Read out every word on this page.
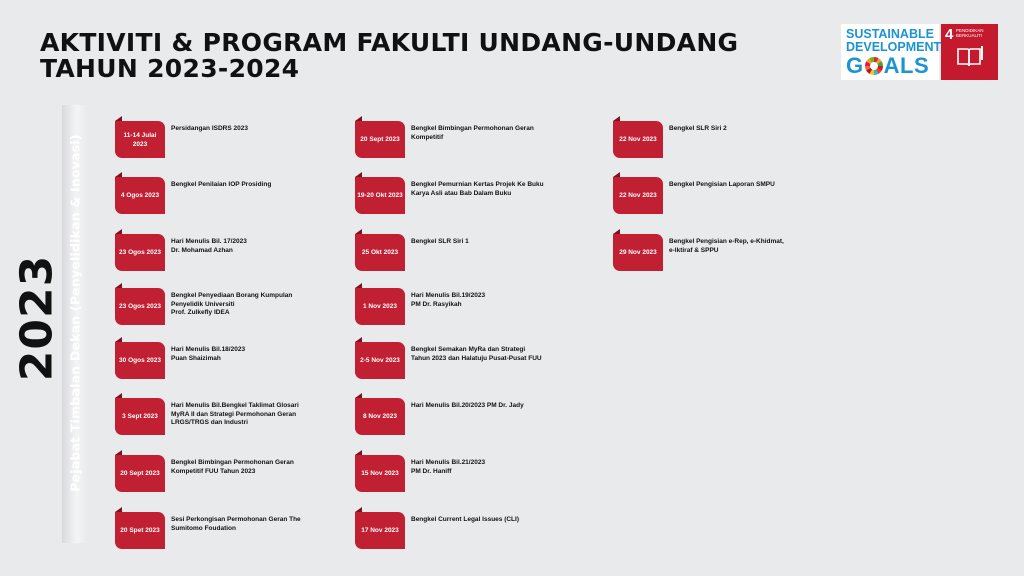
AKTIVITI & PROGRAM FAKULTI UNDANG-UNDANG
TAHUN 2023-2024
SUSTAINABLE
DEVELOPMENT
G ALS
4 PENDIDIKAN BERKUALITI
2023 Pejabat Timbalan Dekan (Penyelidikan & Inovasi)	11-14 Julai 2023
Persidangan ISDRS 2023
4 Ogos 2023
Bengkel Penilaian IOP Prosiding
23 Ogos 2023
Hari Menulis Bil. 17/2023
Dr. Mohamad Azhan
23 Ogos 2023
Bengkel Penyediaan Borang Kumpulan
Penyelidik Universiti
Prof. Zulkefly IDEA
30 Ogos 2023
Hari Menulis Bil.18/2023
Puan Shaizimah
3 Sept 2023
Hari Menulis Bil.Bengkel Taklimat Glosari
MyRA II dan Strategi Permohonan Geran
LRGS/TRGS dan Industri
20 Sept 2023
Bengkel Bimbingan Permohonan Geran
Kompetitif FUU Tahun 2023
20 Spet 2023
Sesi Perkongisan Permohonan Geran The
Sumitomo Foudation
20 Sept 2023
Bengkel Bimbingan Permohonan Geran
Kompetitif
19-20 Okt 2023
Bengkel Pemurnian Kertas Projek Ke Buku
Karya Asli atau Bab Dalam Buku
25 Okt 2023
Bengkel SLR Siri 1
1 Nov 2023
Hari Menulis Bil.19/2023
PM Dr. Rasyikah
2-5 Nov 2023
Bengkel Semakan MyRa dan Strategi
Tahun 2023 dan Halatuju Pusat-Pusat FUU
8 Nov 2023
Hari Menulis Bil.20/2023 PM Dr. Jady
15 Nov 2023
Hari Menulis Bil.21/2023
PM Dr. Haniff
17 Nov 2023
Bengkel Current Legal Issues (CLI)
22 Nov 2023
Bengkel SLR Siri 2
22 Nov 2023
Bengkel Pengisian Laporan SMPU
29 Nov 2023
Bengkel Pengisian e-Rep, e-Khidmat,
e-Iktiraf & SPPU
